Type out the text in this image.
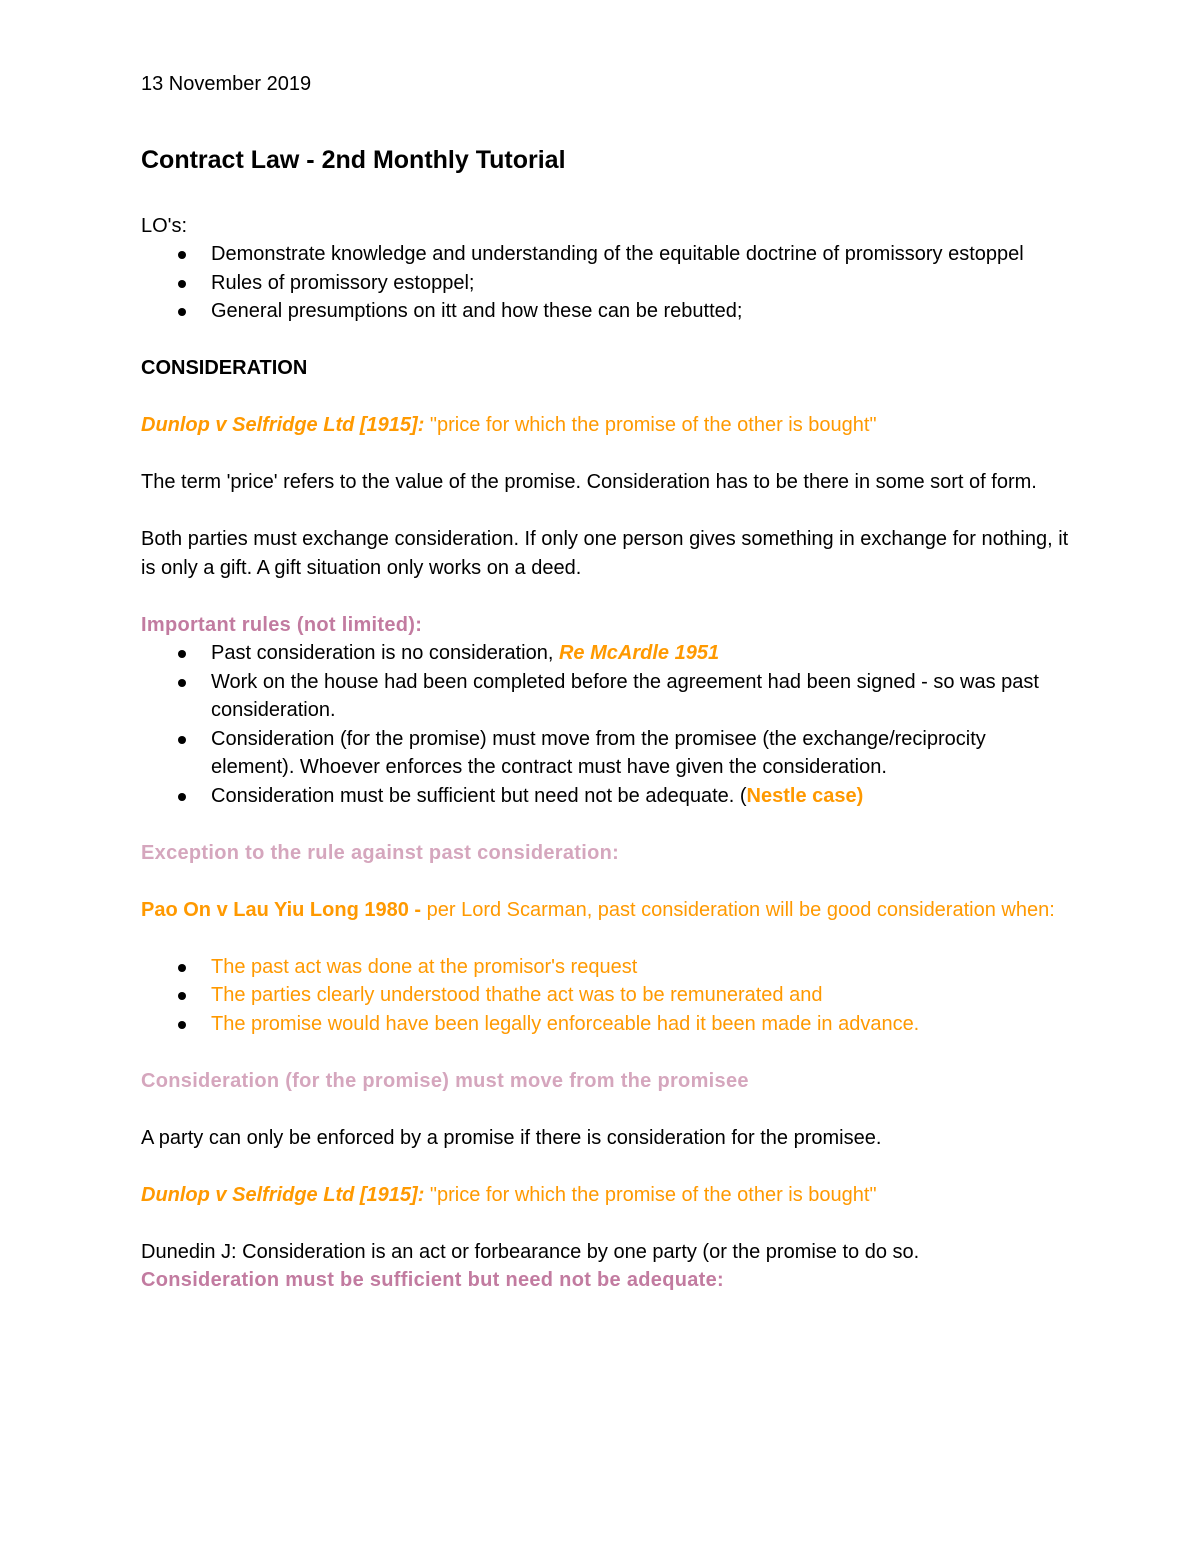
13 November 2019

Contract Law - 2nd Monthly Tutorial

LO's:

Demonstrate knowledge and understanding of the equitable doctrine of promissory estoppel
Rules of promissory estoppel;
General presumptions on itt and how these can be rebutted;
CONSIDERATION

Dunlop v Selfridge Ltd [1915]: "price for which the promise of the other is bought"

The term 'price' refers to the value of the promise. Consideration has to be there in some sort of form.

Both parties must exchange consideration. If only one person gives something in exchange for nothing, it is only a gift. A gift situation only works on a deed.

Important rules (not limited):

Past consideration is no consideration, Re McArdle 1951
Work on the house had been completed before the agreement had been signed - so was past consideration.
Consideration (for the promise) must move from the promisee (the exchange/reciprocity element). Whoever enforces the contract must have given the consideration.
Consideration must be sufficient but need not be adequate. (Nestle case)

Exception to the rule against past consideration:

Pao On v Lau Yiu Long 1980 - per Lord Scarman, past consideration will be good consideration when:

The past act was done at the promisor's request
The parties clearly understood thathe act was to be remunerated and
The promise would have been legally enforceable had it been made in advance.

Consideration (for the promise) must move from the promisee

A party can only be enforced by a promise if there is consideration for the promisee.

Dunlop v Selfridge Ltd [1915]: "price for which the promise of the other is bought"

Dunedin J: Consideration is an act or forbearance by one party (or the promise to do so.

Consideration must be sufficient but need not be adequate:
